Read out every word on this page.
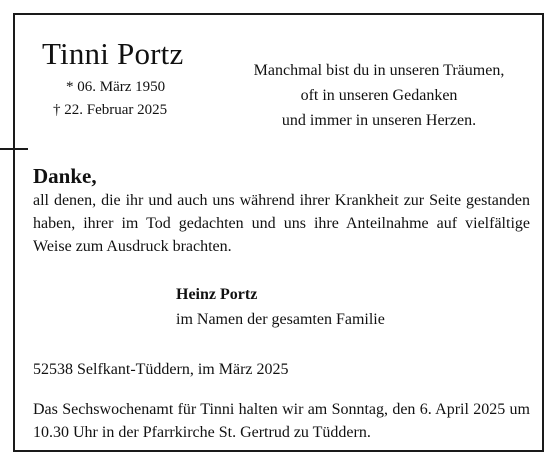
Tinni Portz
* 06. März 1950
† 22. Februar 2025
Manchmal bist du in unseren Träumen,
oft in unseren Gedanken
und immer in unseren Herzen.
Danke,
all denen, die ihr und auch uns während ihrer Krankheit zur Seite gestanden haben, ihrer im Tod gedachten und uns ihre Anteilnahme auf vielfältige Weise zum Ausdruck brachten.
Heinz Portz
im Namen der gesamten Familie
52538 Selfkant-Tüddern, im März 2025
Das Sechswochenamt für Tinni halten wir am Sonntag, den 6. April 2025 um 10.30 Uhr in der Pfarrkirche St. Gertrud zu Tüddern.
